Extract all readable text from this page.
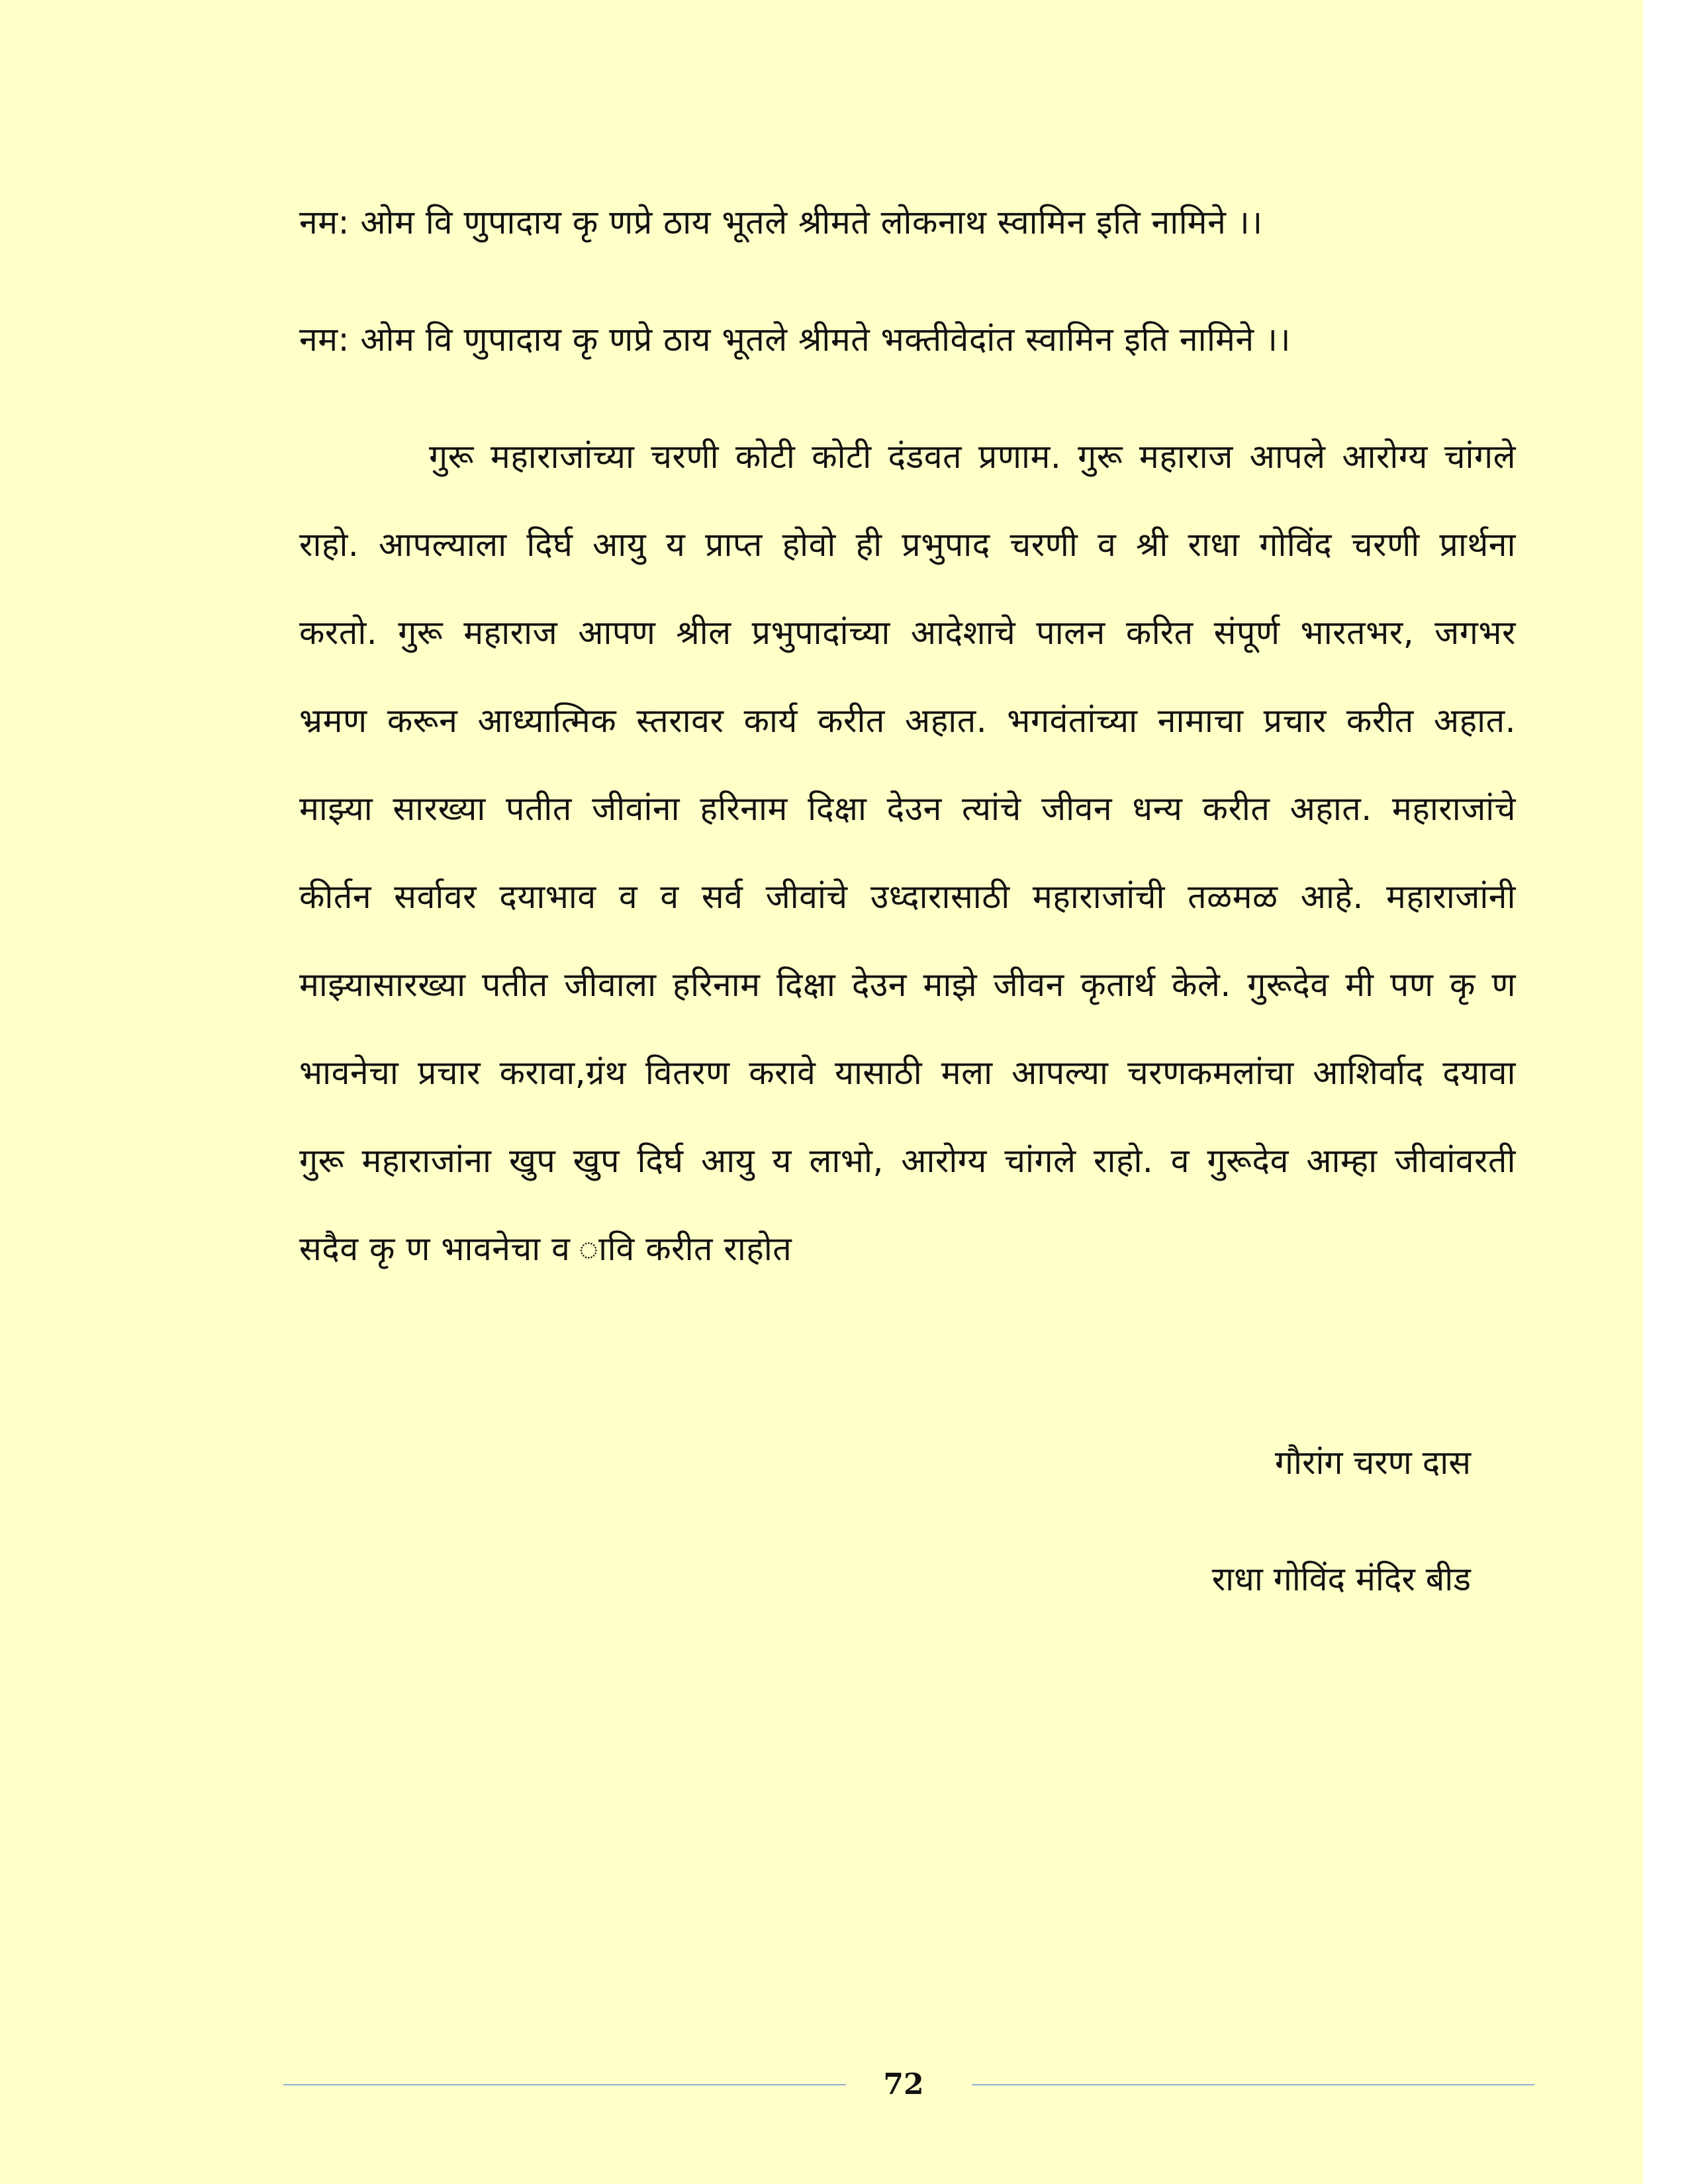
नम: ओम वि णुपादाय कृ णप्रे ठाय भूतले श्रीमते लोकनाथ स्वामिन इति नामिने ।।
नम: ओम वि णुपादाय कृ णप्रे ठाय भूतले श्रीमते भक्तीवेदांत स्वामिन इति नामिने ।।
गुरू महाराजांच्या चरणी कोटी कोटी दंडवत प्रणाम. गुरू महाराज आपले आरोग्य चांगले
राहो. आपल्याला दिर्घ आयु य प्राप्त होवो ही प्रभुपाद चरणी व श्री राधा गोविंद चरणी प्रार्थना
करतो. गुरू महाराज आपण श्रील प्रभुपादांच्या आदेशाचे पालन करित संपूर्ण भारतभर, जगभर
भ्रमण करून आध्यात्मिक स्तरावर कार्य करीत अहात. भगवंतांच्या नामाचा प्रचार करीत अहात.
माझ्या सारख्या पतीत जीवांना हरिनाम दिक्षा देउन त्यांचे जीवन धन्य करीत अहात. महाराजांचे
कीर्तन सर्वावर दयाभाव व व सर्व जीवांचे उध्दारासाठी महाराजांची तळमळ आहे. महाराजांनी
माझ्यासारख्या पतीत जीवाला हरिनाम दिक्षा देउन माझे जीवन कृतार्थ केले. गुरूदेव मी पण कृ ण
भावनेचा प्रचार करावा,ग्रंथ वितरण करावे यासाठी मला आपल्या चरणकमलांचा आशिर्वाद दयावा
गुरू महाराजांना खुप खुप दिर्घ आयु य लाभो, आरोग्य चांगले राहो. व गुरूदेव आम्हा जीवांवरती
सदैव कृ ण भावनेचा व ावि करीत राहोत
गौरांग चरण दास
राधा गोविंद मंदिर बीड
72
